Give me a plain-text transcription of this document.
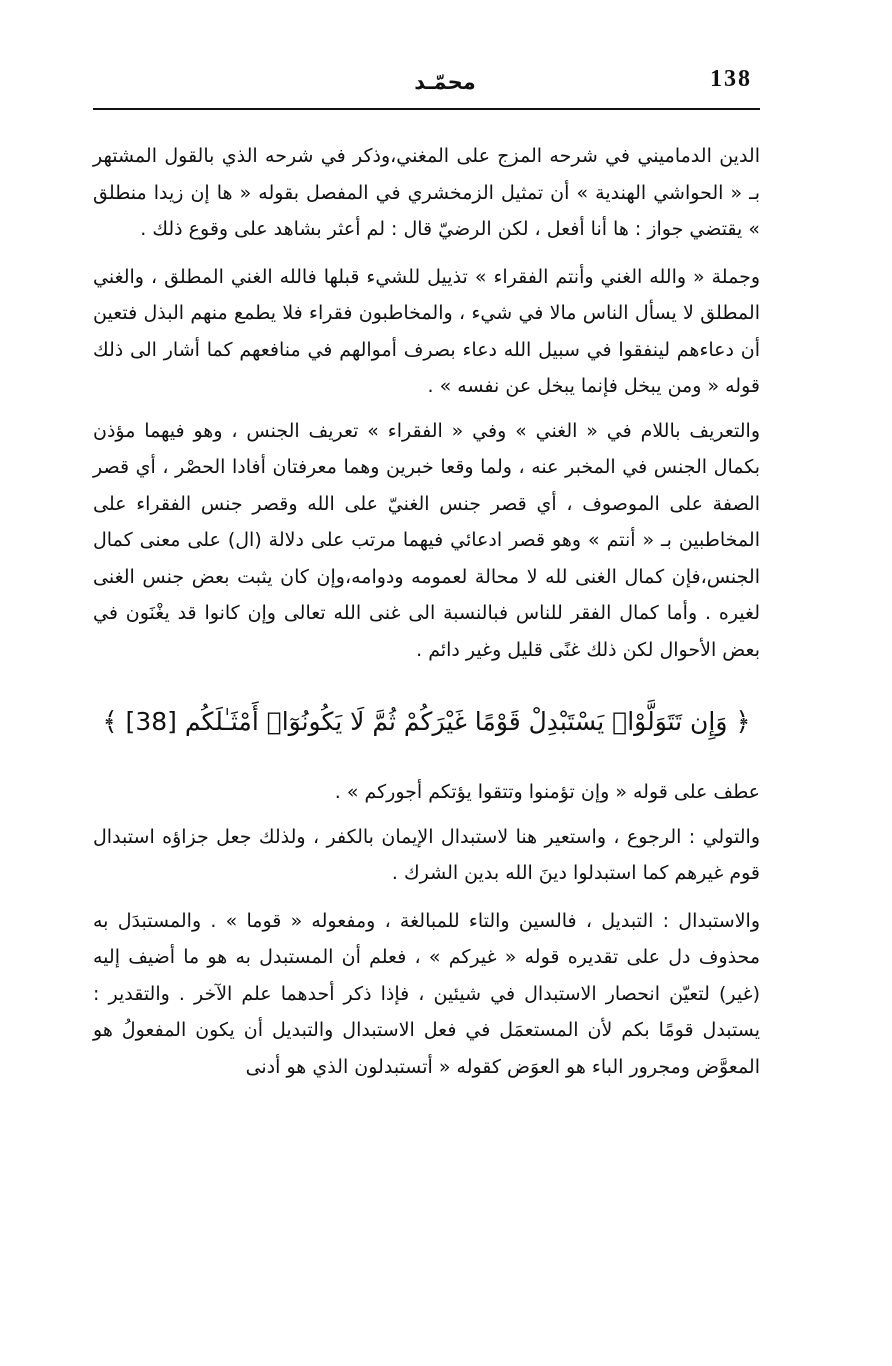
138
محمّـد

الدين الدماميني في شرحه المزج على المغني،وذكر في شرحه الذي بالقول المشتهر بـ « الحواشي الهندية » أن تمثيل الزمخشري في المفصل بقوله « ها إن زيدا منطلق » يقتضي جواز : ها أنا أفعل ، لكن الرضيّ قال : لم أعثر بشاهد على وقوع ذلك .

وجملة « والله الغني وأنتم الفقراء » تذييل للشيء قبلها فالله الغني المطلق ، والغني المطلق لا يسأل الناس مالا في شيء ، والمخاطبون فقراء فلا يطمع منهم البذل فتعين أن دعاءهم لينفقوا في سبيل الله دعاء بصرف أموالهم في منافعهم كما أشار الى ذلك قوله « ومن يبخل فإنما يبخل عن نفسه » .

والتعريف باللام في « الغني » وفي « الفقراء » تعريف الجنس ، وهو فيهما مؤذن بكمال الجنس في المخبر عنه ، ولما وقعا خبرين وهما معرفتان أفادا الحصْر ، أي قصر الصفة على الموصوف ، أي قصر جنس الغنيّ على الله وقصر جنس الفقراء على المخاطبين بـ « أنتم » وهو قصر ادعائي فيهما مرتب على دلالة (ال) على معنى كمال الجنس،فإن كمال الغنى لله لا محالة لعمومه ودوامه،وإن كان يثبت بعض جنس الغنى لغيره . وأما كمال الفقر للناس فبالنسبة الى غنى الله تعالى وإن كانوا قد يغْنَون في بعض الأحوال لكن ذلك غنًى قليل وغير دائم .

﴿ وَإِن تَتَوَلَّوْا۟ يَسْتَبْدِلْ قَوْمًا غَيْرَكُمْ ثُمَّ لَا يَكُونُوٓا۟ أَمْثَـٰلَكُم [38] ﴾

عطف على قوله « وإن تؤمنوا وتتقوا يؤتكم أجوركم » .

والتولي : الرجوع ، واستعير هنا لاستبدال الإيمان بالكفر ، ولذلك جعل جزاؤه استبدال قوم غيرهم كما استبدلوا دينَ الله بدين الشرك .

والاستبدال : التبديل ، فالسين والتاء للمبالغة ، ومفعوله « قوما » . والمستبدَل به محذوف دل على تقديره قوله « غيركم » ، فعلم أن المستبدل به هو ما أضيف إليه (غير) لتعيّن انحصار الاستبدال في شيئين ، فإذا ذكر أحدهما علم الآخر . والتقدير : يستبدل قومًا بكم لأن المستعمَل في فعل الاستبدال والتبديل أن يكون المفعولُ هو المعوَّض ومجرور الباء هو العوَض كقوله « أتستبدلون الذي هو أدنى
